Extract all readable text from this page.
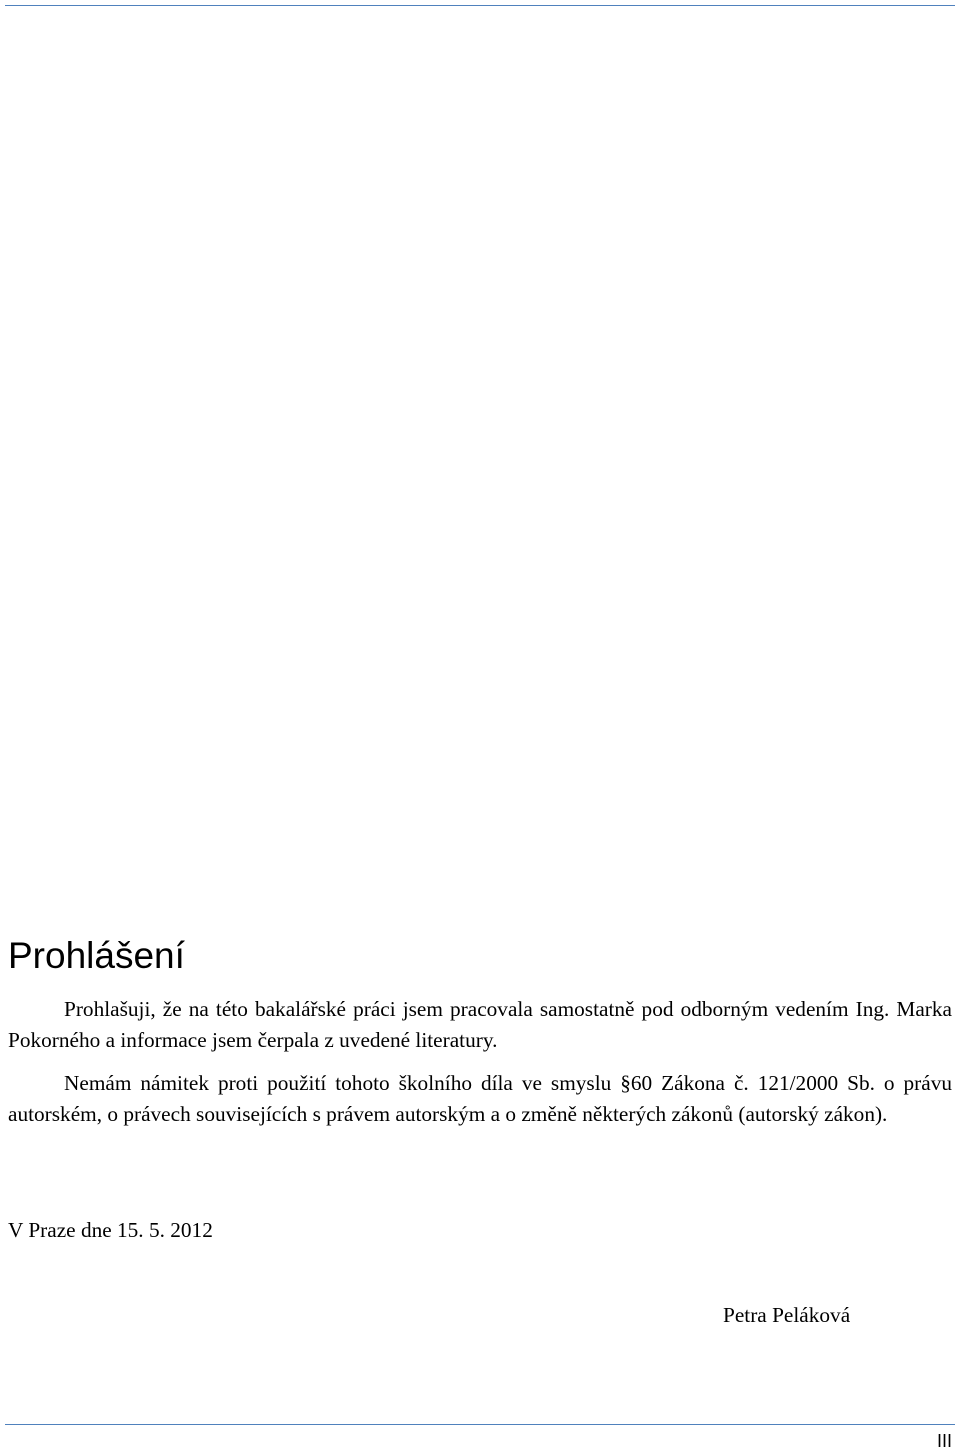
Prohlášení

Prohlašuji, že na této bakalářské práci jsem pracovala samostatně pod odborným vedením Ing. Marka Pokorného a informace jsem čerpala z uvedené literatury.

Nemám námitek proti použití tohoto školního díla ve smyslu §60 Zákona č. 121/2000 Sb. o právu autorském, o právech souvisejících s právem autorským a o změně některých zákonů (autorský zákon).

V Praze dne 15. 5. 2012

Petra Peláková

III
